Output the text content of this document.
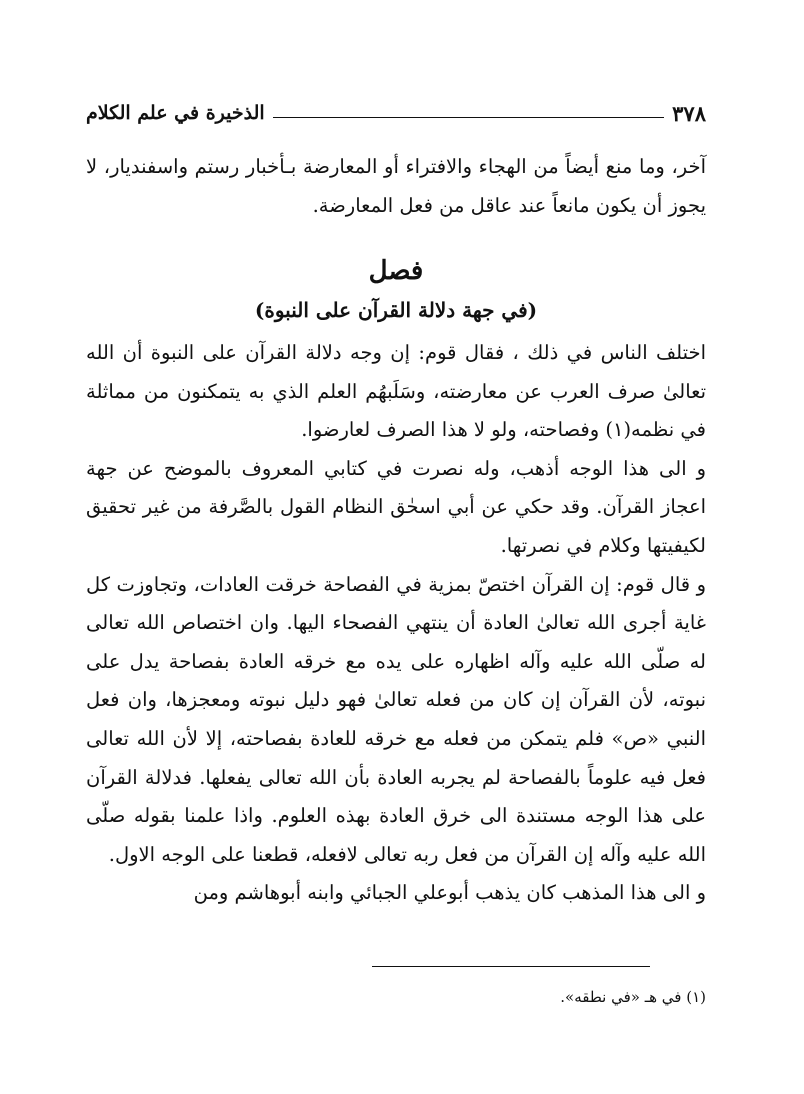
٣٧٨
الذخيرة في علم الكلام

آخر، وما منع أيضاً من الهجاء والافتراء أو المعارضة بـأخبار رستم واسفنديار، لا يجوز أن يكون مانعاً عند عاقل من فعل المعارضة.

فصل
(في جهة دلالة القرآن على النبوة)

اختلف الناس في ذلك ، فقال قوم: إن وجه دلالة القرآن على النبوة أن الله تعالىٰ صرف العرب عن معارضته، وسَلَبهُم العلم الذي به يتمكنون من مماثلة في نظمه(١) وفصاحته، ولو لا هذا الصرف لعارضوا.

و الى هذا الوجه أذهب، وله نصرت في كتابي المعروف بالموضح عن جهة اعجاز القرآن. وقد حكي عن أبي اسحٰق النظام القول بالصَّرفة من غير تحقيق لكيفيتها وكلام في نصرتها.

و قال قوم: إن القرآن اختصّ بمزية في الفصاحة خرقت العادات، وتجاوزت كل غاية أجرى الله تعالىٰ العادة أن ينتهي الفصحاء اليها. وان اختصاص الله تعالى له صلّى الله عليه وآله اظهاره على يده مع خرقه العادة بفصاحة يدل على نبوته، لأن القرآن إن كان من فعله تعالىٰ فهو دليل نبوته ومعجزها، وان فعل النبي «ص» فلم يتمكن من فعله مع خرقه للعادة بفصاحته، إلا لأن الله تعالى فعل فيه علوماً بالفصاحة لم يجربه العادة بأن الله تعالى يفعلها. فدلالة القرآن على هذا الوجه مستندة الى خرق العادة بهذه العلوم. واذا علمنا بقوله صلّى الله عليه وآله إن القرآن من فعل ربه تعالى لافعله، قطعنا على الوجه الاول.

و الى هذا المذهب كان يذهب أبوعلي الجبائي وابنه أبوهاشم ومن

(١) في هـ «في نطقه».
